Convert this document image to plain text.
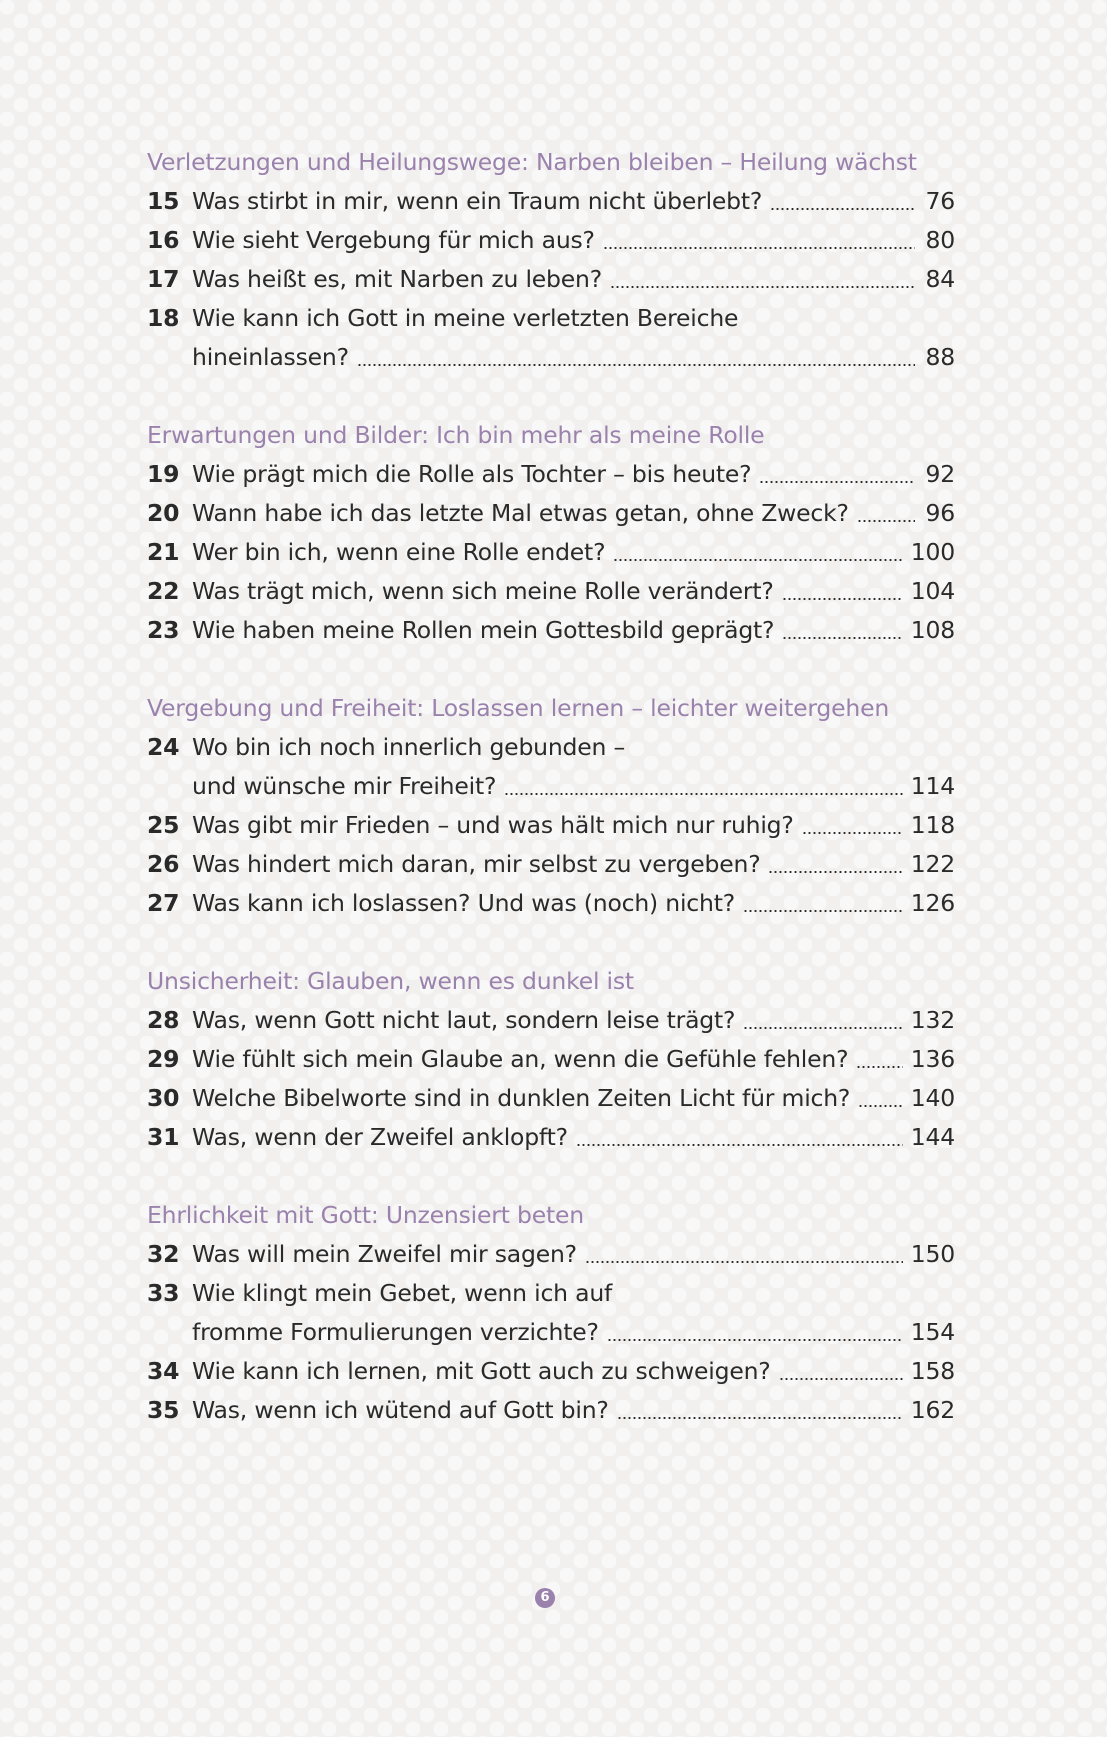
Verletzungen und Heilungswege: Narben bleiben – Heilung wächst
15 Was stirbt in mir, wenn ein Traum nicht überlebt?	76
16 Wie sieht Vergebung für mich aus?	80
17 Was heißt es, mit Narben zu leben?	84
18 Wie kann ich Gott in meine verletzten Bereiche
hineinlassen?	88
Erwartungen und Bilder: Ich bin mehr als meine Rolle
19 Wie prägt mich die Rolle als Tochter – bis heute?	92
20 Wann habe ich das letzte Mal etwas getan, ohne Zweck?	96
21 Wer bin ich, wenn eine Rolle endet?	100
22 Was trägt mich, wenn sich meine Rolle verändert?	104
23 Wie haben meine Rollen mein Gottesbild geprägt?	108
Vergebung und Freiheit: Loslassen lernen – leichter weitergehen
24 Wo bin ich noch innerlich gebunden –
und wünsche mir Freiheit?	114
25 Was gibt mir Frieden – und was hält mich nur ruhig?	118
26 Was hindert mich daran, mir selbst zu vergeben?	122
27 Was kann ich loslassen? Und was (noch) nicht?	126
Unsicherheit: Glauben, wenn es dunkel ist
28 Was, wenn Gott nicht laut, sondern leise trägt?	132
29 Wie fühlt sich mein Glaube an, wenn die Gefühle fehlen?	136
30 Welche Bibelworte sind in dunklen Zeiten Licht für mich?	140
31 Was, wenn der Zweifel anklopft?	144
Ehrlichkeit mit Gott: Unzensiert beten
32 Was will mein Zweifel mir sagen?	150
33 Wie klingt mein Gebet, wenn ich auf
fromme Formulierungen verzichte?	154
34 Wie kann ich lernen, mit Gott auch zu schweigen?	158
35 Was, wenn ich wütend auf Gott bin?	162
6
